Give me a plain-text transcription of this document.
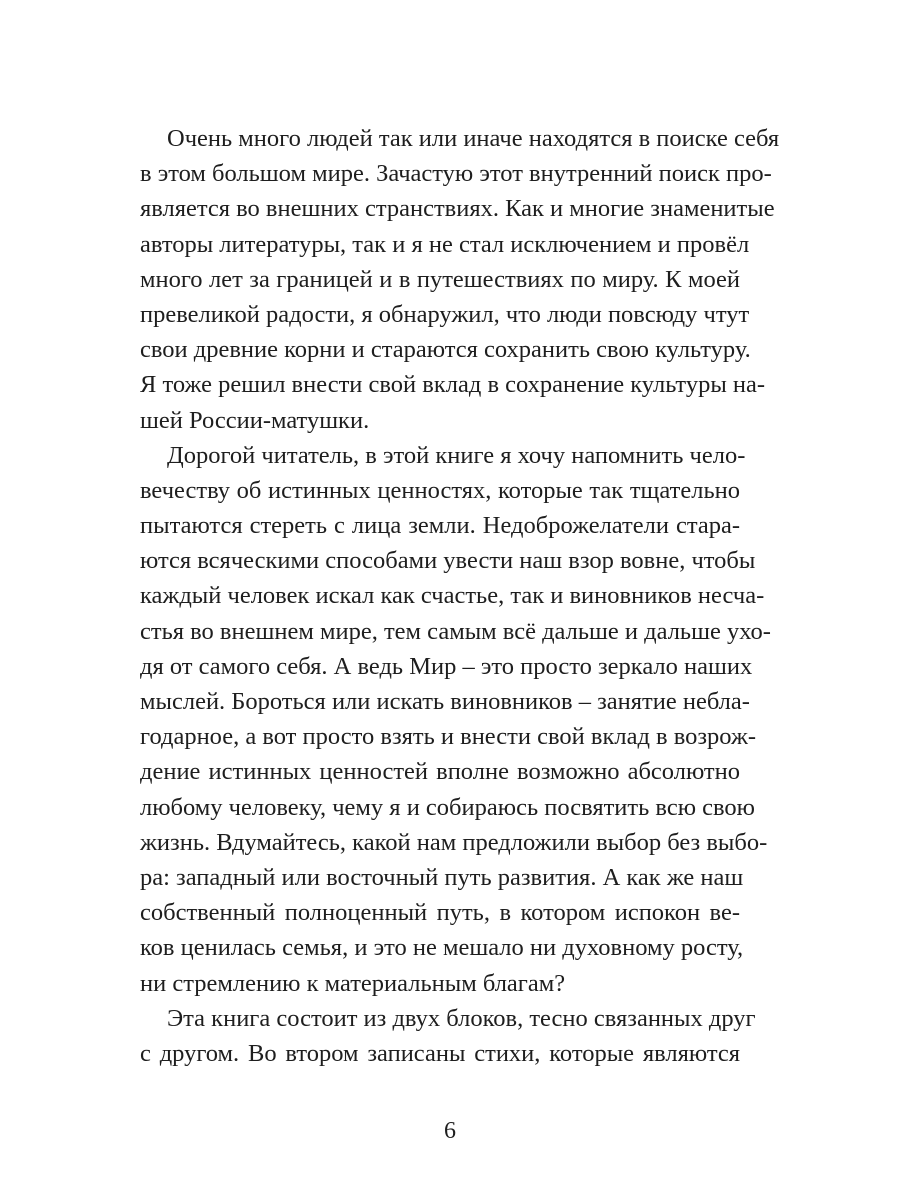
Очень много людей так или иначе находятся в поиске себя
в этом большом мире. Зачастую этот внутренний поиск про-
является во внешних странствиях. Как и многие знаменитые
авторы литературы, так и я не стал исключением и провёл
много лет за границей и в путешествиях по миру. К моей
превеликой радости, я обнаружил, что люди повсюду чтут
свои древние корни и стараются сохранить свою культуру.
Я тоже решил внести свой вклад в сохранение культуры на-
шей России-матушки.
Дорогой читатель, в этой книге я хочу напомнить чело-
вечеству об истинных ценностях, которые так тщательно
пытаются стереть с лица земли. Недоброжелатели стара-
ются всяческими способами увести наш взор вовне, чтобы
каждый человек искал как счастье, так и виновников несча-
стья во внешнем мире, тем самым всё дальше и дальше ухо-
дя от самого себя. А ведь Мир – это просто зеркало наших
мыслей. Бороться или искать виновников – занятие небла-
годарное, а вот просто взять и внести свой вклад в возрож-
дение истинных ценностей вполне возможно абсолютно
любому человеку, чему я и собираюсь посвятить всю свою
жизнь. Вдумайтесь, какой нам предложили выбор без выбо-
ра: западный или восточный путь развития. А как же наш
собственный полноценный путь, в котором испокон ве-
ков ценилась семья, и это не мешало ни духовному росту,
ни стремлению к материальным благам?
Эта книга состоит из двух блоков, тесно связанных друг
с другом. Во втором записаны стихи, которые являются
6
